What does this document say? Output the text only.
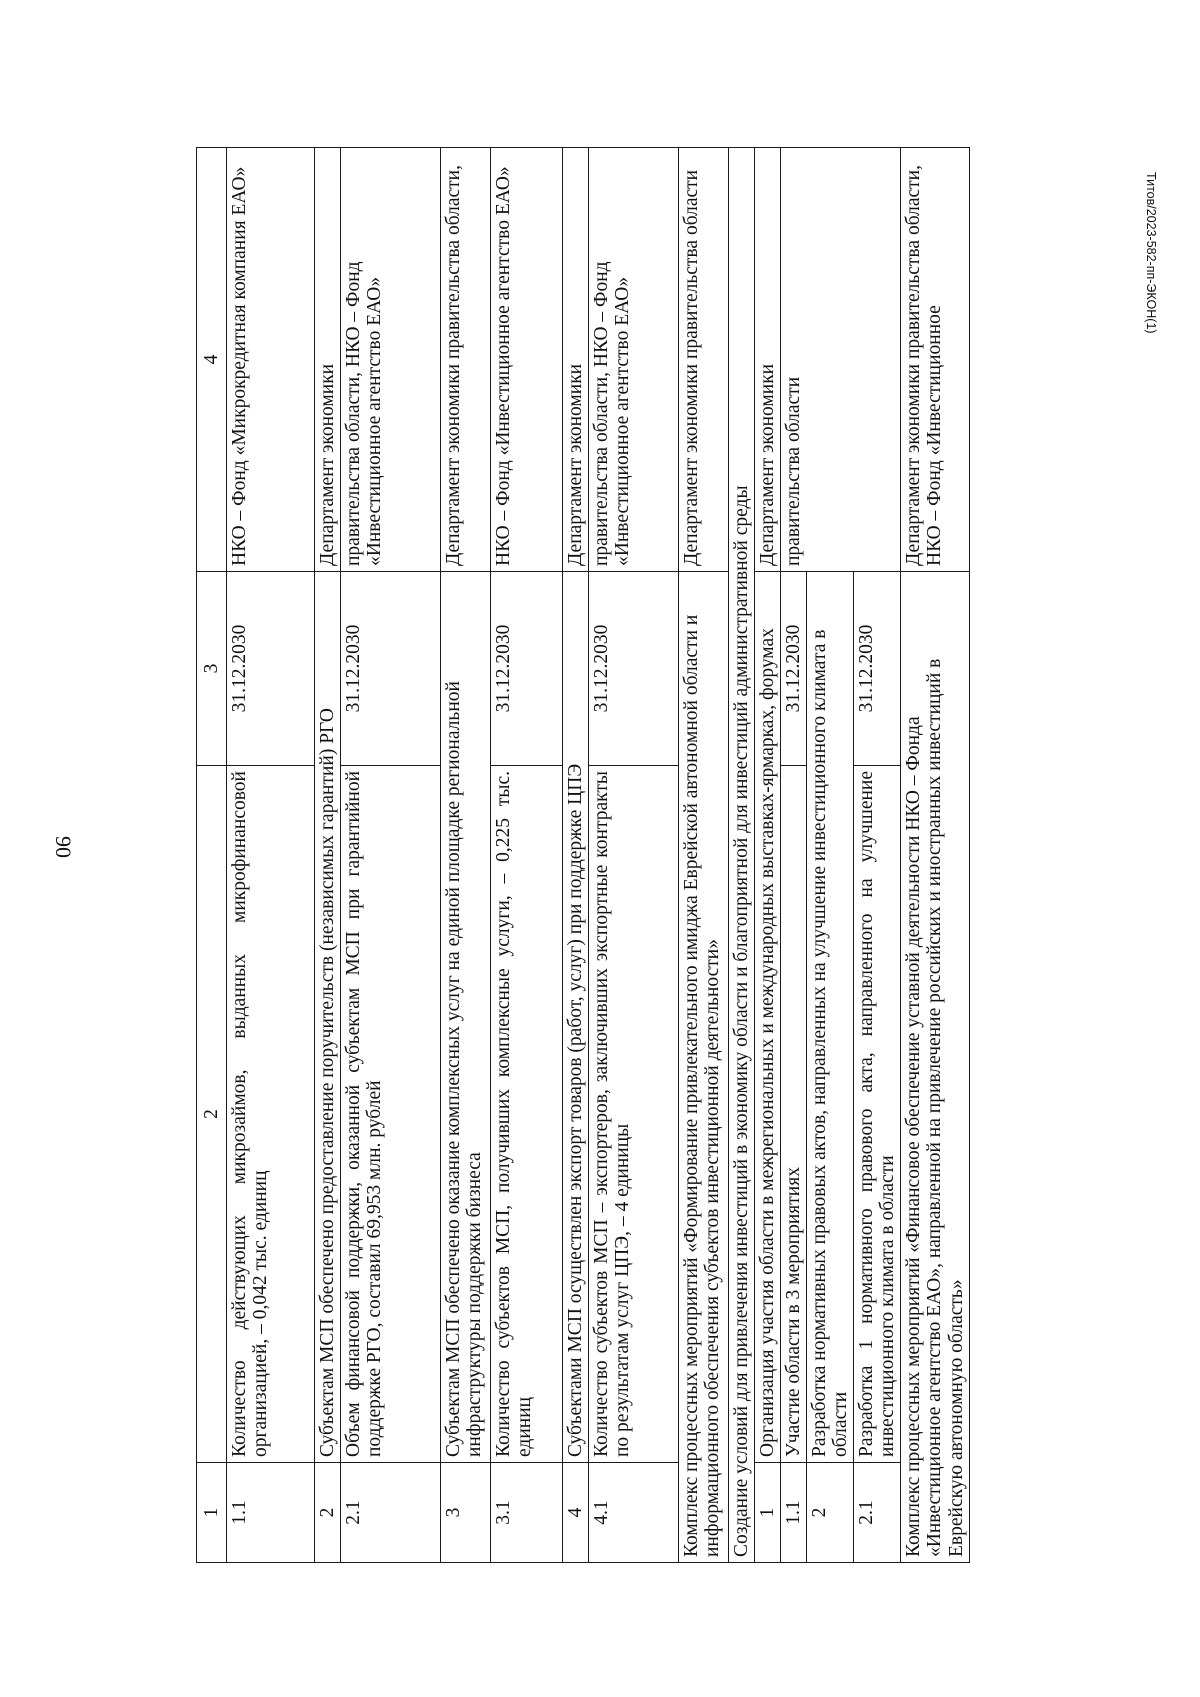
90
Титов/2023-582-пп-ЭКОН(1)
1	2	3	4
1.1	Количество действующих микрозаймов, выданных микрофинансовой организацией, – 0,042 тыс. единиц	31.12.2030	НКО – Фонд «Микрокредитная компания ЕАО»
2	Субъектам МСП обеспечено предоставление поручительств (независимых гарантий) РГО		Департамент экономики
2.1	Объем финансовой поддержки, оказанной субъектам МСП при гарантийной поддержке РГО, составил 69,953 млн. рублей	31.12.2030	правительства области, НКО – Фонд «Инвестиционное агентство ЕАО»
3	Субъектам МСП обеспечено оказание комплексных услуг на единой площадке региональной инфраструктуры поддержки бизнеса		Департамент экономики правительства области,
3.1	Количество субъектов МСП, получивших комплексные услуги, – 0,225 тыс. единиц	31.12.2030	НКО – Фонд «Инвестиционное агентство ЕАО»
4	Субъектами МСП осуществлен экспорт товаров (работ, услуг) при поддержке ЦПЭ		Департамент экономики
4.1	Количество субъектов МСП – экспортеров, заключивших экспортные контракты по результатам услуг ЦПЭ, – 4 единицы	31.12.2030	правительства области, НКО – Фонд «Инвестиционное агентство ЕАО»
Комплекс процессных мероприятий «Формирование привлекательного имиджа Еврейской автономной области и информационного обеспечения субъектов инвестиционной деятельности»			Департамент экономики правительства области
Создание условий для привлечения инвестиций в экономику области и благоприятной для инвестиций административной среды			
1	Организация участия области в межрегиональных и международных выставках-ярмарках, форумах		Департамент экономики
1.1	Участие области в 3 мероприятиях	31.12.2030	правительства области
2	Разработка нормативных правовых актов, направленных на улучшение инвестиционного климата в области		
2.1	Разработка 1 нормативного правового акта, направленного на улучшение инвестиционного климата в области	31.12.2030	
Комплекс процессных мероприятий «Финансовое обеспечение уставной деятельности НКО – Фонда «Инвестиционное агентство ЕАО», направленной на привлечение российских и иностранных инвестиций в Еврейскую автономную область»			Департамент экономики правительства области, НКО – Фонд «Инвестиционное
